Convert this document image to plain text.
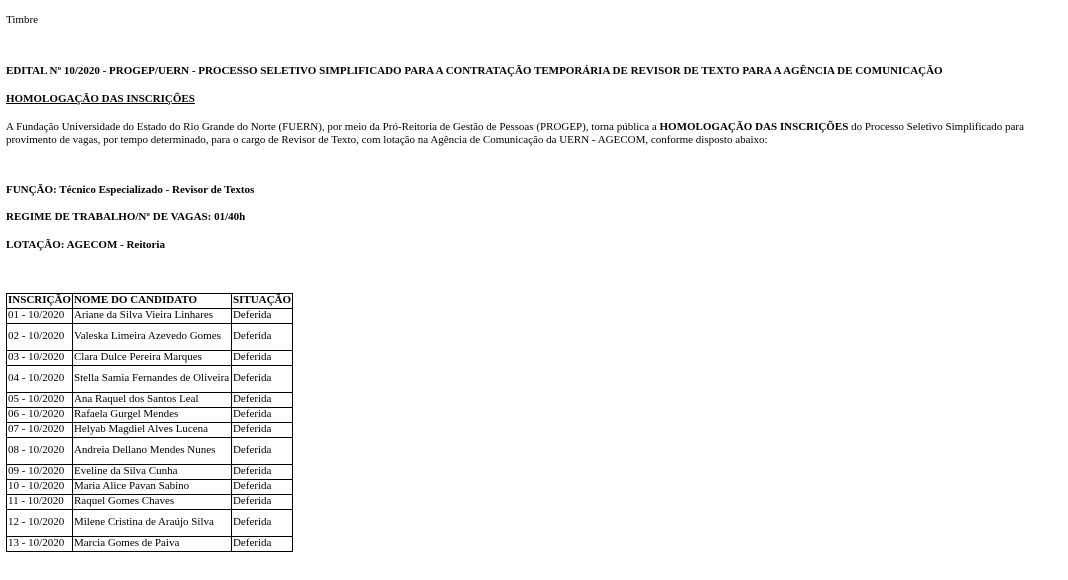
Timbre

EDITAL Nº 10/2020 - PROGEP/UERN - PROCESSO SELETIVO SIMPLIFICADO PARA A CONTRATAÇÃO TEMPORÁRIA DE REVISOR DE TEXTO PARA A AGÊNCIA DE COMUNICAÇÃO

HOMOLOGAÇÃO DAS INSCRIÇÕES

A Fundação Universidade do Estado do Rio Grande do Norte (FUERN), por meio da Pró-Reitoria de Gestão de Pessoas (PROGEP), torna pública a HOMOLOGAÇÃO DAS INSCRIÇÕES do Processo Seletivo Simplificado para provimento de vagas, por tempo determinado, para o cargo de Revisor de Texto, com lotação na Agência de Comunicação da UERN - AGECOM, conforme disposto abaixo:

FUNÇÃO: Técnico Especializado - Revisor de Textos

REGIME DE TRABALHO/Nº DE VAGAS: 01/40h

LOTAÇÃO: AGECOM - Reitoria

INSCRIÇÃO	NOME DO CANDIDATO	SITUAÇÃO
01 - 10/2020	Ariane da Silva Vieira Linhares	Deferida
02 - 10/2020	Valeska Limeira Azevedo Gomes	Deferida
03 - 10/2020	Clara Dulce Pereira Marques	Deferida
04 - 10/2020	Stella Samia Fernandes de Oliveira	Deferida
05 - 10/2020	Ana Raquel dos Santos Leal	Deferida
06 - 10/2020	Rafaela Gurgel Mendes	Deferida
07 - 10/2020	Helyab Magdiel Alves Lucena	Deferida
08 - 10/2020	Andreia Dellano Mendes Nunes	Deferida
09 - 10/2020	Eveline da Silva Cunha	Deferida
10 - 10/2020	Maria Alice Pavan Sabino	Deferida
11 - 10/2020	Raquel Gomes Chaves	Deferida
12 - 10/2020	Milene Cristina de Araújo Silva	Deferida
13 - 10/2020	Marcia Gomes de Paiva	Deferida
